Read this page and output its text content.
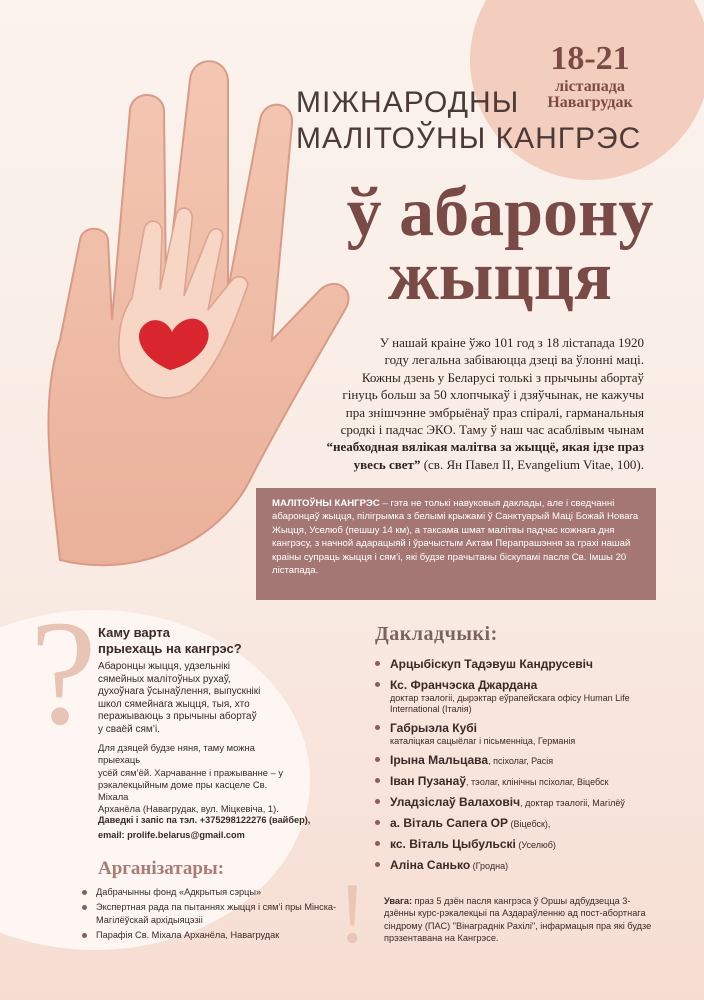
18-21
лістапада
Навагрудак
МІЖНАРОДНЫ
МАЛІТОЎНЫ КАНГРЭС
ў абарону
жыцця
У нашай краіне ўжо 101 год з 18 лістапада 1920
году легальна забіваюцца дзеці ва ўлонні маці.
Кожны дзень у Беларусі толькі з прычыны абортаў
гінуць больш за 50 хлопчыкаў і дзяўчынак, не кажучы
пра знішчэнне эмбрыёнаў праз спіралі, гарманальныя
сродкі і падчас ЭКО. Таму ў наш час асаблівым чынам
“неабходная вялікая малітва за жыццё, якая ідзе праз
увесь свет” (св. Ян Павел II, Evangelium Vitae, 100).
МАЛІТОЎНЫ КАНГРЭС – гэта не толькі навуковыя даклады, але і сведчанні абаронцаў жыцця, пілігрымка з белымі крыжамі ў Санктуарый Маці Божай Новага Жыцця, Уселюб (пешшу 14 км), а таксама шмат малітвы падчас кожнага дня кангрэсу, з начной адарацыяй і ўрачыстым Актам Перапрашэння за грахі нашай краіны супраць жыцця і сям’і, які будзе прачытаны біскупамі пасля Св. Імшы 20 лістапада.
? Каму варта
прыехаць на кангрэс?
Абаронцы жыцця, удзельнікі
сямейных малітоўных рухаў,
духоўнага ўсынаўлення, выпускнікі
школ сямейнага жыцця, тыя, хто
перажываюць з прычыны абортаў
у сваёй сям’і.
Для дзяцей будзе няня, таму можна прыехаць
усёй сям’ёй. Харчаванне і пражыванне – у
рэкалекцыйным доме пры касцеле Св. Міхала
Арханёла (Навагрудак, вул. Міцкевіча, 1).
Даведкі і запіс па тэл. +375298122276 (вайбер),
email: prolife.belarus@gmail.com
Арганізатары:
Дабрачынны фонд «Адкрытыя сэрцы»
Экспертная рада па пытаннях жыцця і сям’і пры Мінска-Магілёўскай архідыяцэзіі
Парафія Св. Міхала Арханёла, Навагрудак
Дакладчыкі:
Арцыбіскуп Тадэвуш Кандрусевіч
Кс. Франчэска Джардана
доктар тэалогіі, дырэктар еўрапейскага офісу Human Life International (Італія)
Габрыэла Кубі
каталіцкая сацыёлаг і пісьменніца, Германія
Ірына Мальцава, псіхолаг, Расія
Іван Пузанаў, тэолаг, клінічны псіхолаг, Віцебск
Уладзіслаў Валаховіч, доктар тэалогіі, Магілёў
а. Віталь Сапега OP (Віцебск),
кс. Віталь Цыбульскі (Уселюб)
Аліна Санько (Гродна)
! Увага: праз 5 дзён пасля кангрэса ў Оршы адбудзецца 3-дзённы курс-рэкалекцыі па Аздараўленню ад пост-абортнага сіндрому (ПАС) "Вінаграднік Рахілі", інфармацыя пра які будзе прэзентавана на Кангрэсе.
